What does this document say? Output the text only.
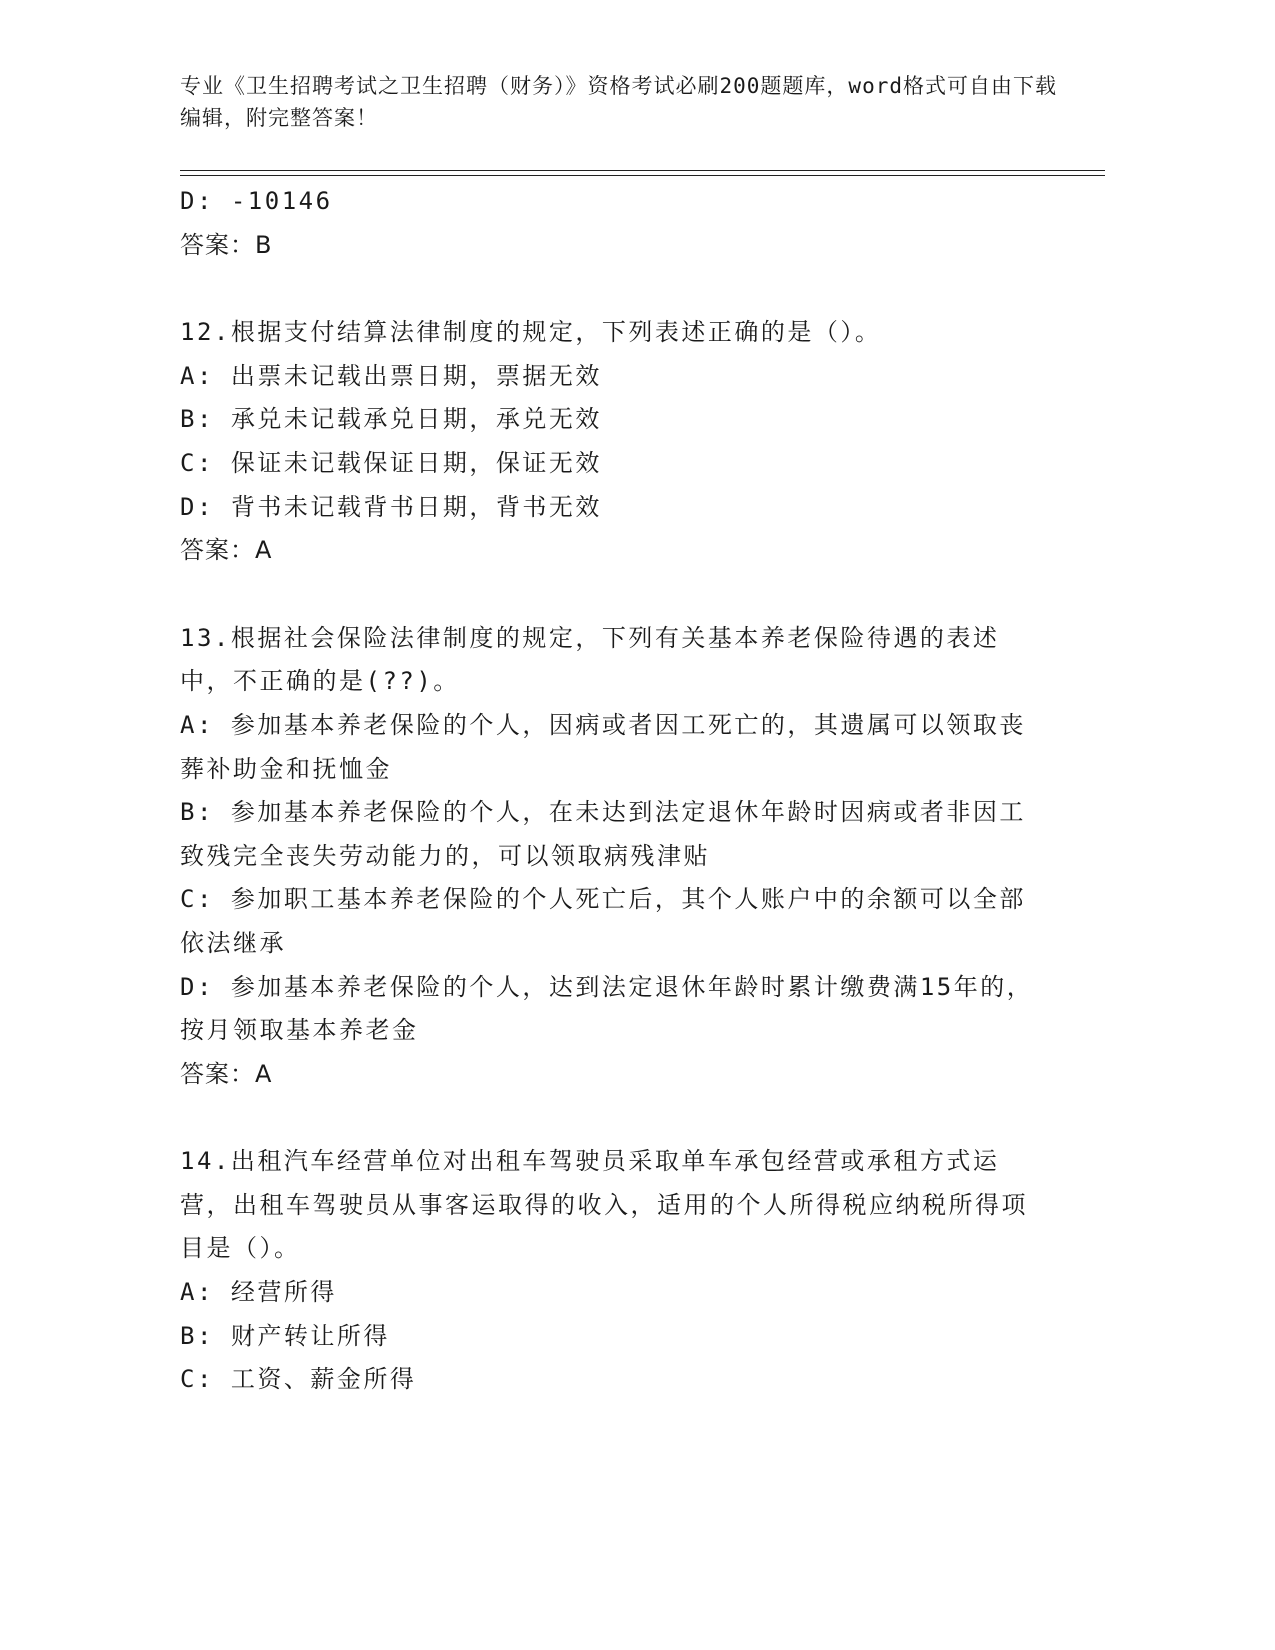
专业《卫生招聘考试之卫生招聘（财务）》资格考试必刷200题题库，word格式可自由下载编辑，附完整答案！
D: -10146
答案：B
12.根据支付结算法律制度的规定，下列表述正确的是（）。
A: 出票未记载出票日期，票据无效
B: 承兑未记载承兑日期，承兑无效
C: 保证未记载保证日期，保证无效
D: 背书未记载背书日期，背书无效
答案：A
13.根据社会保险法律制度的规定，下列有关基本养老保险待遇的表述中，不正确的是(??)。
A: 参加基本养老保险的个人，因病或者因工死亡的，其遗属可以领取丧葬补助金和抚恤金
B: 参加基本养老保险的个人，在未达到法定退休年龄时因病或者非因工致残完全丧失劳动能力的，可以领取病残津贴
C: 参加职工基本养老保险的个人死亡后，其个人账户中的余额可以全部依法继承
D: 参加基本养老保险的个人，达到法定退休年龄时累计缴费满15年的，按月领取基本养老金
答案：A
14.出租汽车经营单位对出租车驾驶员采取单车承包经营或承租方式运营，出租车驾驶员从事客运取得的收入，适用的个人所得税应纳税所得项目是（）。
A: 经营所得
B: 财产转让所得
C: 工资、薪金所得
